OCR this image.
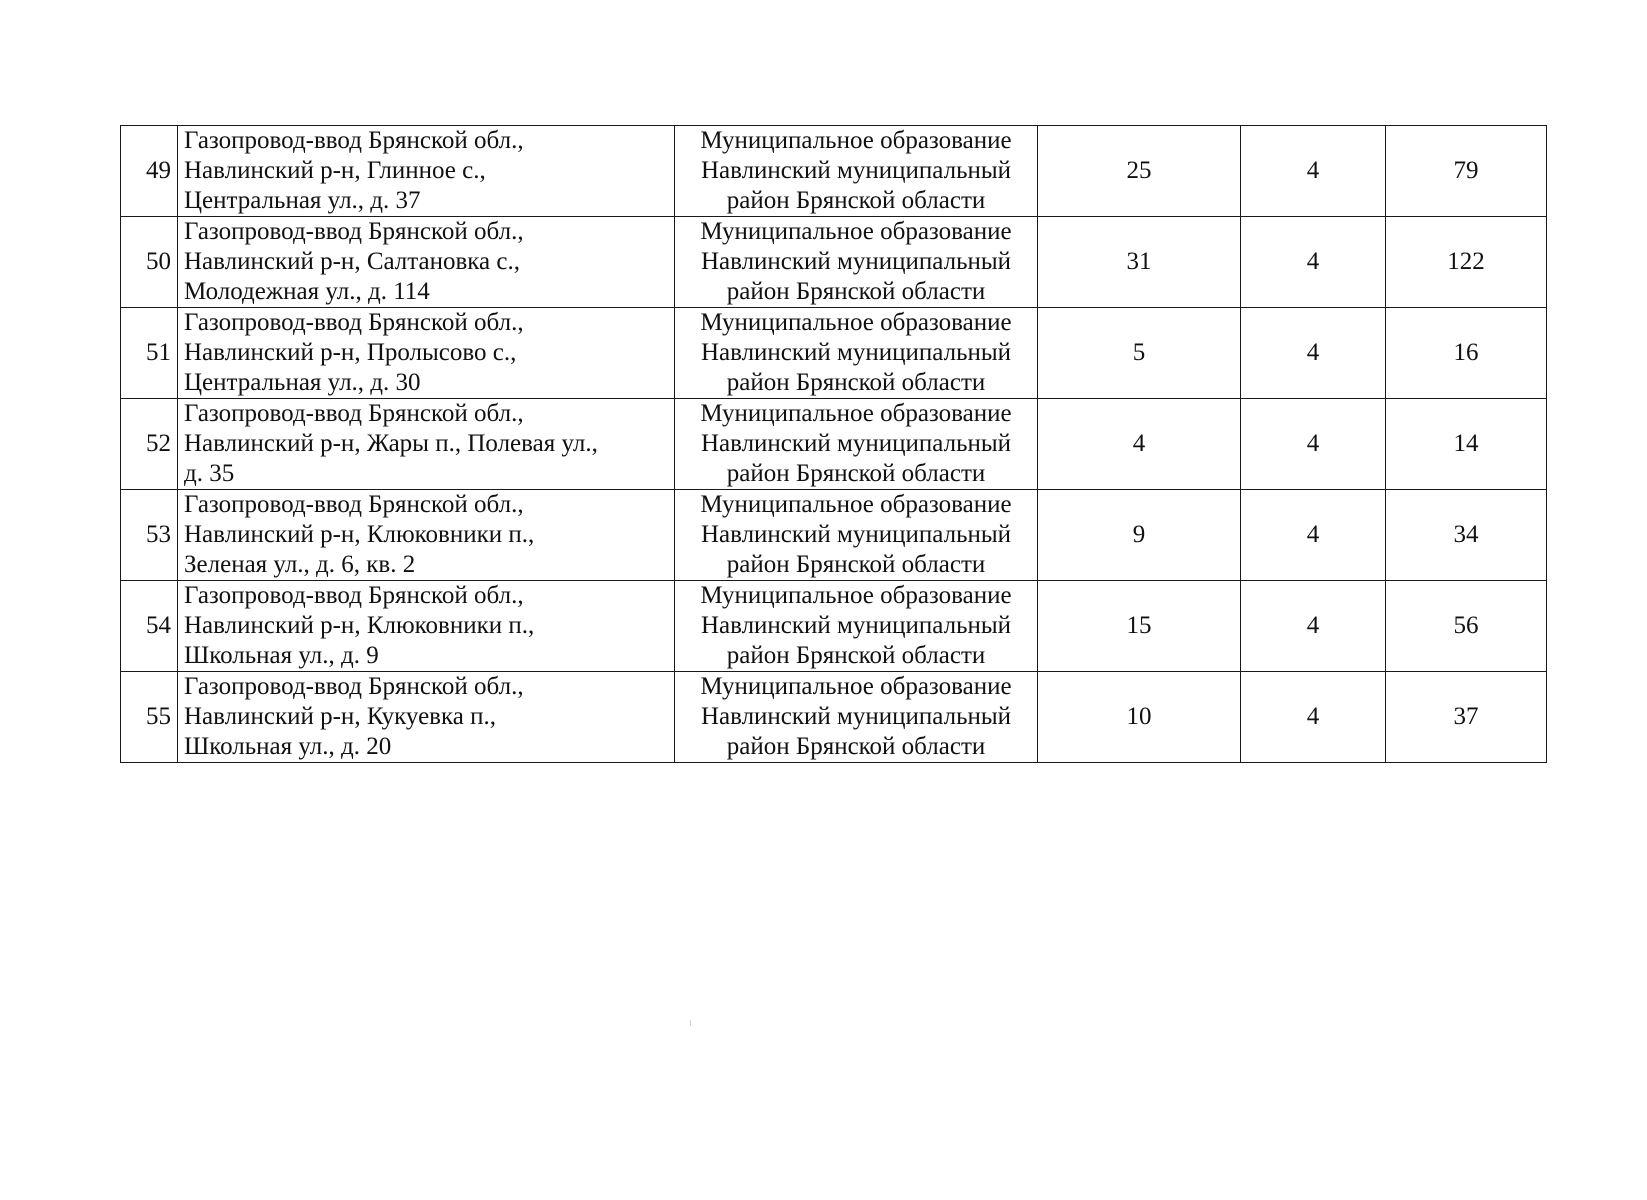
49	Газопровод-ввод Брянской обл.,
Навлинский р-н, Глинное с.,
Центральная ул., д. 37	Муниципальное образование
Навлинский муниципальный
район Брянской области	25	4	79
50	Газопровод-ввод Брянской обл.,
Навлинский р-н, Салтановка с.,
Молодежная ул., д. 114	Муниципальное образование
Навлинский муниципальный
район Брянской области	31	4	122
51	Газопровод-ввод Брянской обл.,
Навлинский р-н, Пролысово с.,
Центральная ул., д. 30	Муниципальное образование
Навлинский муниципальный
район Брянской области	5	4	16
52	Газопровод-ввод Брянской обл.,
Навлинский р-н, Жары п., Полевая ул.,
д. 35	Муниципальное образование
Навлинский муниципальный
район Брянской области	4	4	14
53	Газопровод-ввод Брянской обл.,
Навлинский р-н, Клюковники п.,
Зеленая ул., д. 6, кв. 2	Муниципальное образование
Навлинский муниципальный
район Брянской области	9	4	34
54	Газопровод-ввод Брянской обл.,
Навлинский р-н, Клюковники п.,
Школьная ул., д. 9	Муниципальное образование
Навлинский муниципальный
район Брянской области	15	4	56
55	Газопровод-ввод Брянской обл.,
Навлинский р-н, Кукуевка п.,
Школьная ул., д. 20	Муниципальное образование
Навлинский муниципальный
район Брянской области	10	4	37
